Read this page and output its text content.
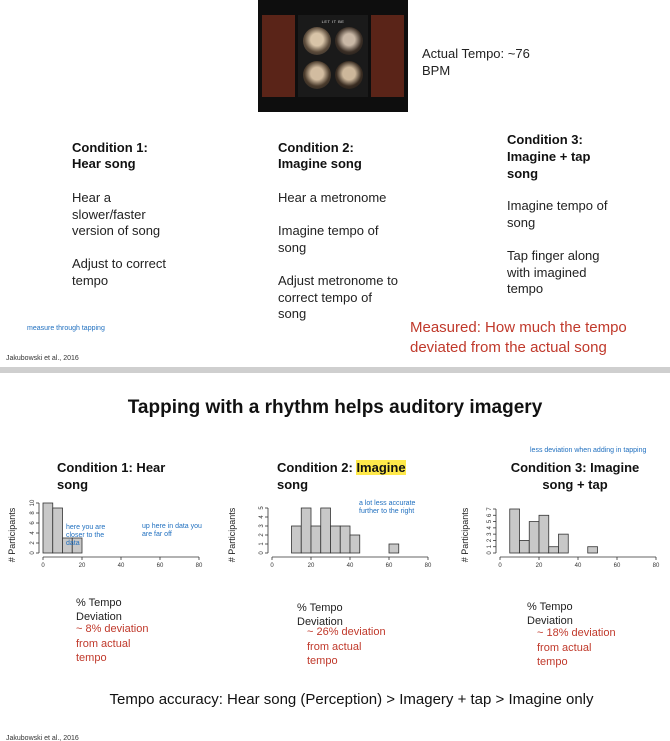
LET IT BE
Actual Tempo: ~76
BPM
Condition 1:
Hear song
Hear a
slower/faster
version of song
Adjust to correct
tempo
Condition 2:
Imagine song
Hear a metronome
Imagine tempo of
song
Adjust metronome to
correct tempo of
song
Condition 3:
Imagine + tap
song
Imagine tempo of
song
Tap finger along
with imagined
tempo
measure through tapping	Measured: How much the tempo
deviated from the actual song
Jakubowski et al., 2016
Tapping with a rhythm helps auditory imagery
less deviation when adding in tapping
Condition 1: Hear
song
Condition 2: Imagine
song
Condition 3: Imagine
song + tap
# Participants
0	20	40	60	80
0
2
4
6
8
10
# Participants
0	20	40	60	80
0
1
2
3
4
5
# Participants
0	20	40	60	80
0
1
2
3
4
5
6
7
here you are
closer to the
data
up here in data you
are far off
a lot less accurate
further to the right
% Tempo
Deviation
% Tempo
Deviation
% Tempo
Deviation
~ 8% deviation
from actual
tempo
~ 26% deviation
from actual
tempo
~ 18% deviation
from actual
tempo
Tempo accuracy: Hear song (Perception) > Imagery + tap > Imagine only
Jakubowski et al., 2016
